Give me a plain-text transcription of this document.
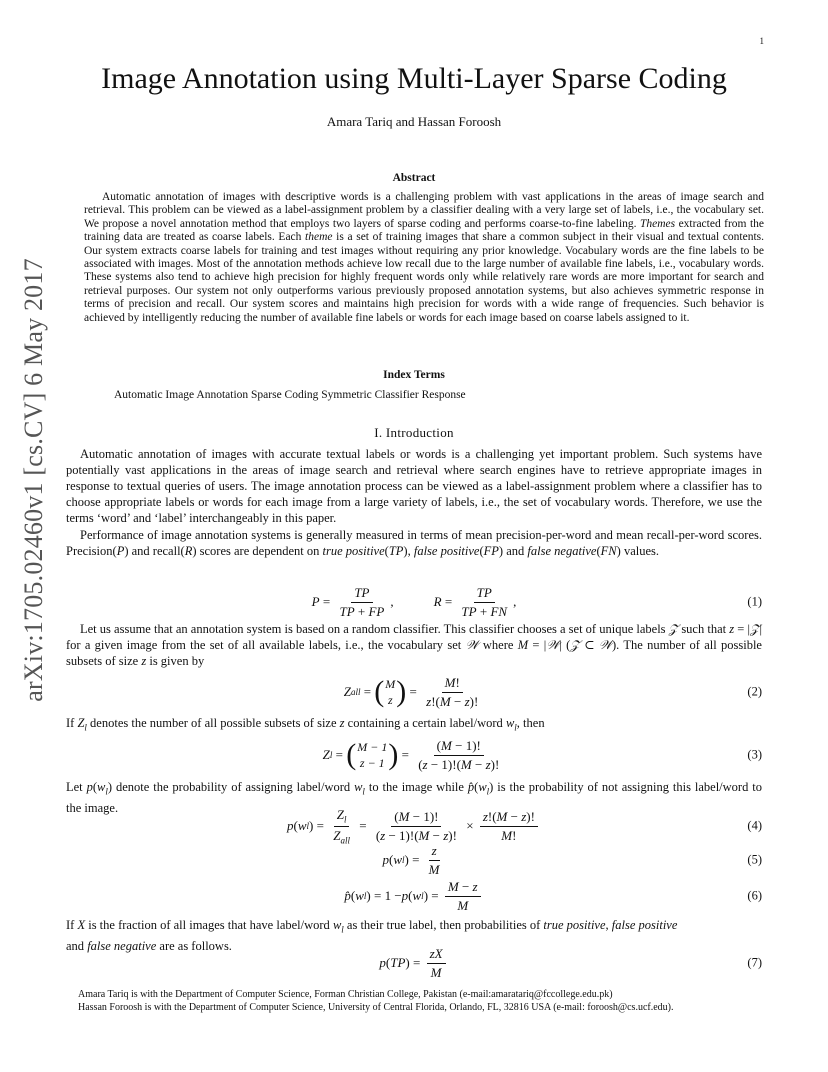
1
arXiv:1705.02460v1 [cs.CV] 6 May 2017
Image Annotation using Multi-Layer Sparse Coding
Amara Tariq and Hassan Foroosh
Abstract

Automatic annotation of images with descriptive words is a challenging problem with vast applications in the areas of image search and retrieval. This problem can be viewed as a label-assignment problem by a classifier dealing with a very large set of labels, i.e., the vocabulary set. We propose a novel annotation method that employs two layers of sparse coding and performs coarse-to-fine labeling. Themes extracted from the training data are treated as coarse labels. Each theme is a set of training images that share a common subject in their visual and textual contents. Our system extracts coarse labels for training and test images without requiring any prior knowledge. Vocabulary words are the fine labels to be associated with images. Most of the annotation methods achieve low recall due to the large number of available fine labels, i.e., vocabulary words. These systems also tend to achieve high precision for highly frequent words only while relatively rare words are more important for search and retrieval purposes. Our system not only outperforms various previously proposed annotation systems, but also achieves symmetric response in terms of precision and recall. Our system scores and maintains high precision for words with a wide range of frequencies. Such behavior is achieved by intelligently reducing the number of available fine labels or words for each image based on coarse labels assigned to it.

Index Terms
Automatic Image Annotation Sparse Coding Symmetric Classifier Response
I. Introduction

Automatic annotation of images with accurate textual labels or words is a challenging yet important problem. Such systems have potentially vast applications in the areas of image search and retrieval where search engines have to retrieve appropriate images in response to textual queries of users. The image annotation process can be viewed as a label-assignment problem where a classifier has to choose appropriate labels or words for each image from a large variety of labels, i.e., the set of vocabulary words. Therefore, we use the terms ‘word’ and ‘label’ interchangeably in this paper.

Performance of image annotation systems is generally measured in terms of mean precision-per-word and mean recall-per-word scores. Precision(P) and recall(R) scores are dependent on true positive(TP), false positive(FP) and false negative(FN) values.

$P = \frac{TP}{TP + FP}$ ,	$R = \frac{TP}{TP + FN}$ ,	(1)

Let us assume that an annotation system is based on a random classifier. This classifier chooses a set of unique labels 𝒵 such that z = |𝒵| for a given image from the set of all available labels, i.e., the vocabulary set 𝒲 where M = |𝒲| (𝒵 ⊂ 𝒲). The number of all possible subsets of size z is given by

Z all = ( M
z ) = $\frac{M!}{z!(M - z)!}$	(2)

If $Z_l$ denotes the number of all possible subsets of size z containing a certain label/word $w_l$, then

Z l = ( M − 1
z − 1 ) = $\frac{(M - 1)!}{(z - 1)!(M - z)!}$	(3)

Let $p(w_l)$ denote the probability of assigning label/word $w_l$ to the image while $p̂(w_l)$ is the probability of not assigning this label/word to the image.

p ( w l ) = $\frac{Z_l}{Z_{all}} = \frac{(M - 1)!}{(z - 1)!(M - z)!} \times \frac{z!(M - z)!}{M!}$	(4)
p ( w l ) = $\frac{z}{M}$	(5)
p̂ ( w l ) = 1 − p ( w l ) = $\frac{M - z}{M}$	(6)

If X is the fraction of all images that have label/word $w_l$ as their true label, then probabilities of true positive, false positive
and false negative are as follows.

p ( TP ) = $\frac{zX}{M}$	(7)
Amara Tariq is with the Department of Computer Science, Forman Christian College, Pakistan (e-mail:amaratariq@fccollege.edu.pk)
Hassan Foroosh is with the Department of Computer Science, University of Central Florida, Orlando, FL, 32816 USA (e-mail: foroosh@cs.ucf.edu).
